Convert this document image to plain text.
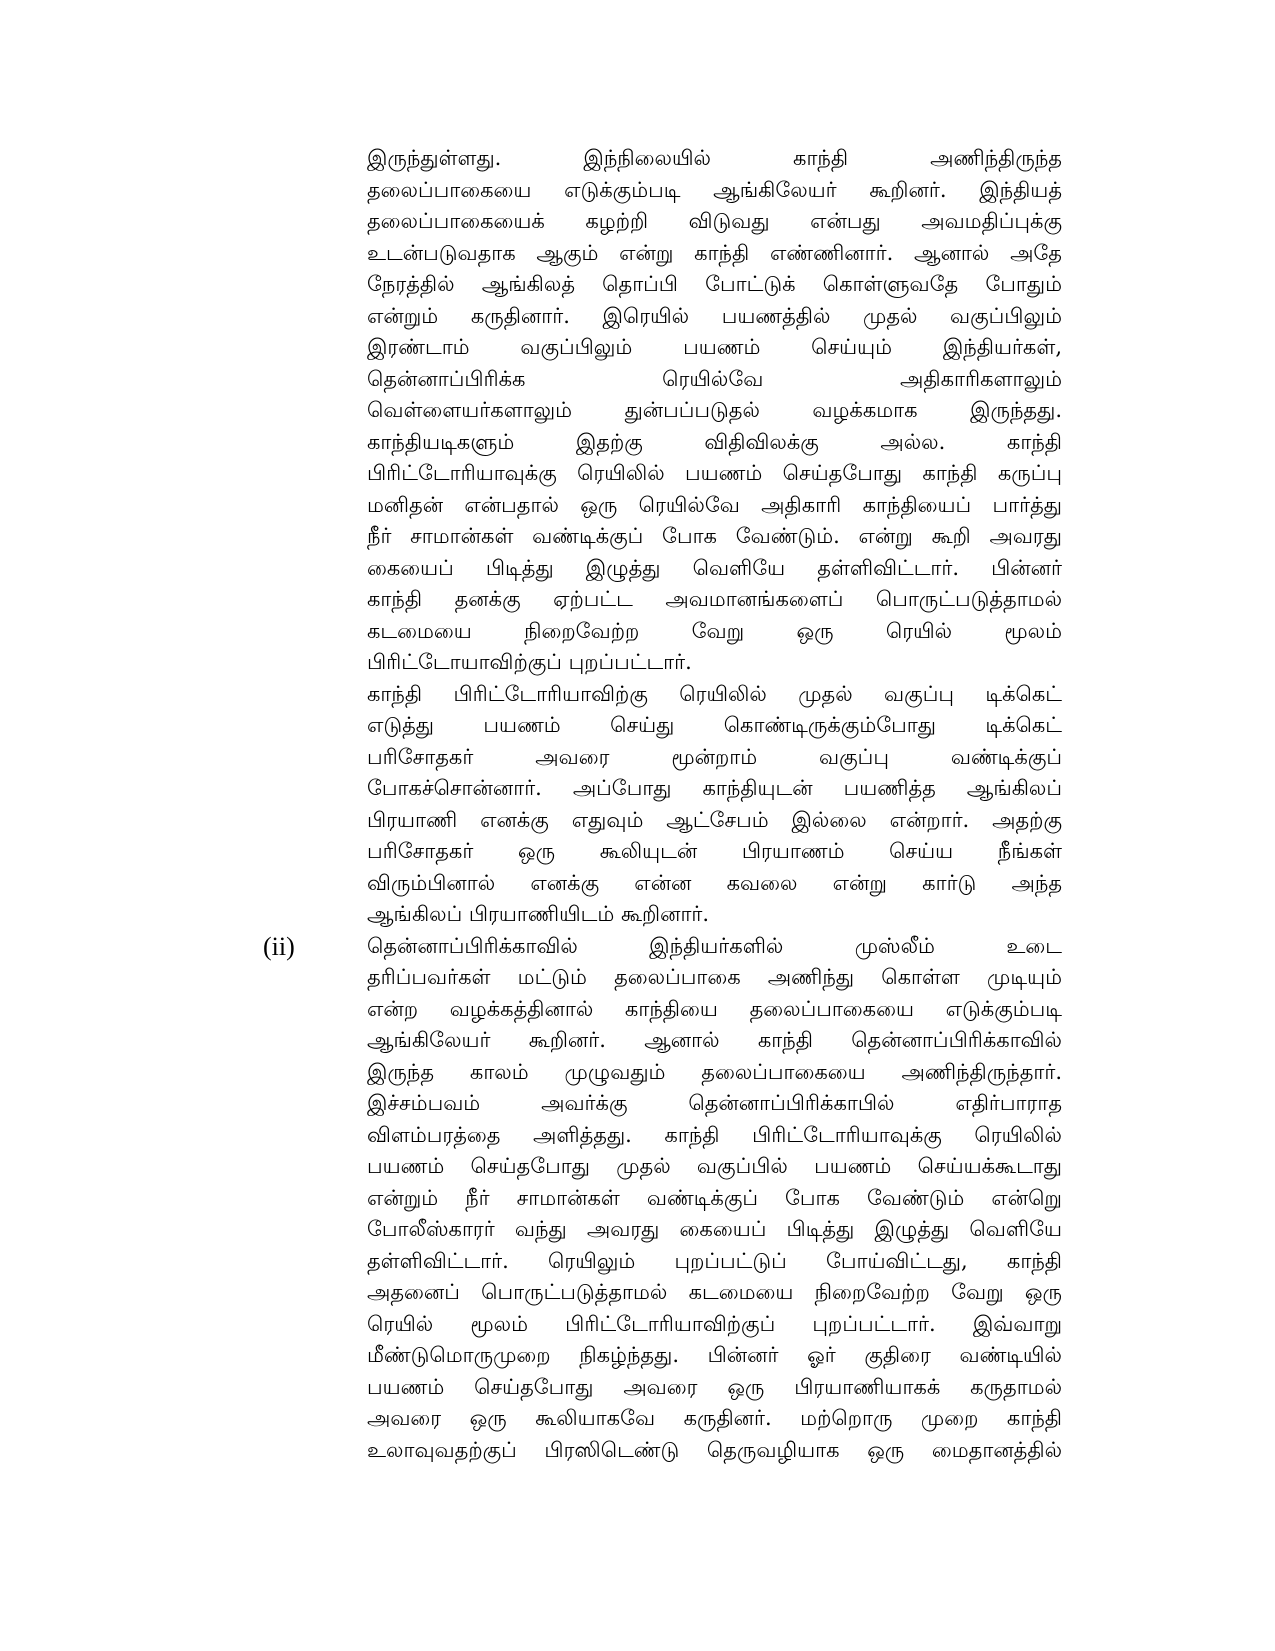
இருந்துள்ளது. இந்நிலையில் காந்தி அணிந்திருந்த
தலைப்பாகையை எடுக்கும்படி ஆங்கிலேயர் கூறினர். இந்தியத்
தலைப்பாகையைக் கழற்றி விடுவது என்பது அவமதிப்புக்கு
உடன்படுவதாக ஆகும் என்று காந்தி எண்ணினார். ஆனால் அதே
நேரத்தில் ஆங்கிலத் தொப்பி போட்டுக் கொள்ளுவதே போதும்
என்றும் கருதினார். இரெயில் பயணத்தில் முதல் வகுப்பிலும்
இரண்டாம் வகுப்பிலும் பயணம் செய்யும் இந்தியர்கள்,
தென்னாப்பிரிக்க ரெயில்வே அதிகாரிகளாலும்
வெள்ளையர்களாலும் துன்பப்படுதல் வழக்கமாக இருந்தது.
காந்தியடிகளும் இதற்கு விதிவிலக்கு அல்ல. காந்தி
பிரிட்டோரியாவுக்கு ரெயிலில் பயணம் செய்தபோது காந்தி கருப்பு
மனிதன் என்பதால் ஒரு ரெயில்வே அதிகாரி காந்தியைப் பார்த்து
நீர் சாமான்கள் வண்டிக்குப் போக வேண்டும். என்று கூறி அவரது
கையைப் பிடித்து இழுத்து வெளியே தள்ளிவிட்டார். பின்னர்
காந்தி தனக்கு ஏற்பட்ட அவமானங்களைப் பொருட்படுத்தாமல்
கடமையை நிறைவேற்ற வேறு ஒரு ரெயில் மூலம்
பிரிட்டோயாவிற்குப் புறப்பட்டார்.
காந்தி பிரிட்டோரியாவிற்கு ரெயிலில் முதல் வகுப்பு டிக்கெட்
எடுத்து பயணம் செய்து கொண்டிருக்கும்போது டிக்கெட்
பரிசோதகர் அவரை மூன்றாம் வகுப்பு வண்டிக்குப்
போகச்சொன்னார். அப்போது காந்தியுடன் பயணித்த ஆங்கிலப்
பிரயாணி எனக்கு எதுவும் ஆட்சேபம் இல்லை என்றார். அதற்கு
பரிசோதகர் ஒரு கூலியுடன் பிரயாணம் செய்ய நீங்கள்
விரும்பினால் எனக்கு என்ன கவலை என்று கார்டு அந்த
ஆங்கிலப் பிரயாணியிடம் கூறினார்.
தென்னாப்பிரிக்காவில் இந்தியர்களில் முஸ்லீம் உடை
தரிப்பவர்கள் மட்டும் தலைப்பாகை அணிந்து கொள்ள முடியும்
என்ற வழக்கத்தினால் காந்தியை தலைப்பாகையை எடுக்கும்படி
ஆங்கிலேயர் கூறினர். ஆனால் காந்தி தென்னாப்பிரிக்காவில்
இருந்த காலம் முழுவதும் தலைப்பாகையை அணிந்திருந்தார்.
இச்சம்பவம் அவர்க்கு தென்னாப்பிரிக்காபில் எதிர்பாராத
விளம்பரத்தை அளித்தது. காந்தி பிரிட்டோரியாவுக்கு ரெயிலில்
பயணம் செய்தபோது முதல் வகுப்பில் பயணம் செய்யக்கூடாது
என்றும் நீர் சாமான்கள் வண்டிக்குப் போக வேண்டும் என்றுெ
போலீஸ்காரர் வந்து அவரது கையைப் பிடித்து இழுத்து வெளியே
தள்ளிவிட்டார். ரெயிலும் புறப்பட்டுப் போய்விட்டது, காந்தி
அதனைப் பொருட்படுத்தாமல் கடமையை நிறைவேற்ற வேறு ஒரு
ரெயில் மூலம் பிரிட்டோரியாவிற்குப் புறப்பட்டார். இவ்வாறு
மீண்டுமொருமுறை நிகழ்ந்தது. பின்னர் ஓர் குதிரை வண்டியில்
பயணம் செய்தபோது அவரை ஒரு பிரயாணியாகக் கருதாமல்
அவரை ஒரு கூலியாகவே கருதினர். மற்றொரு முறை காந்தி
உலாவுவதற்குப் பிரஸிடெண்டு தெருவழியாக ஒரு மைதானத்தில்
(ii)
